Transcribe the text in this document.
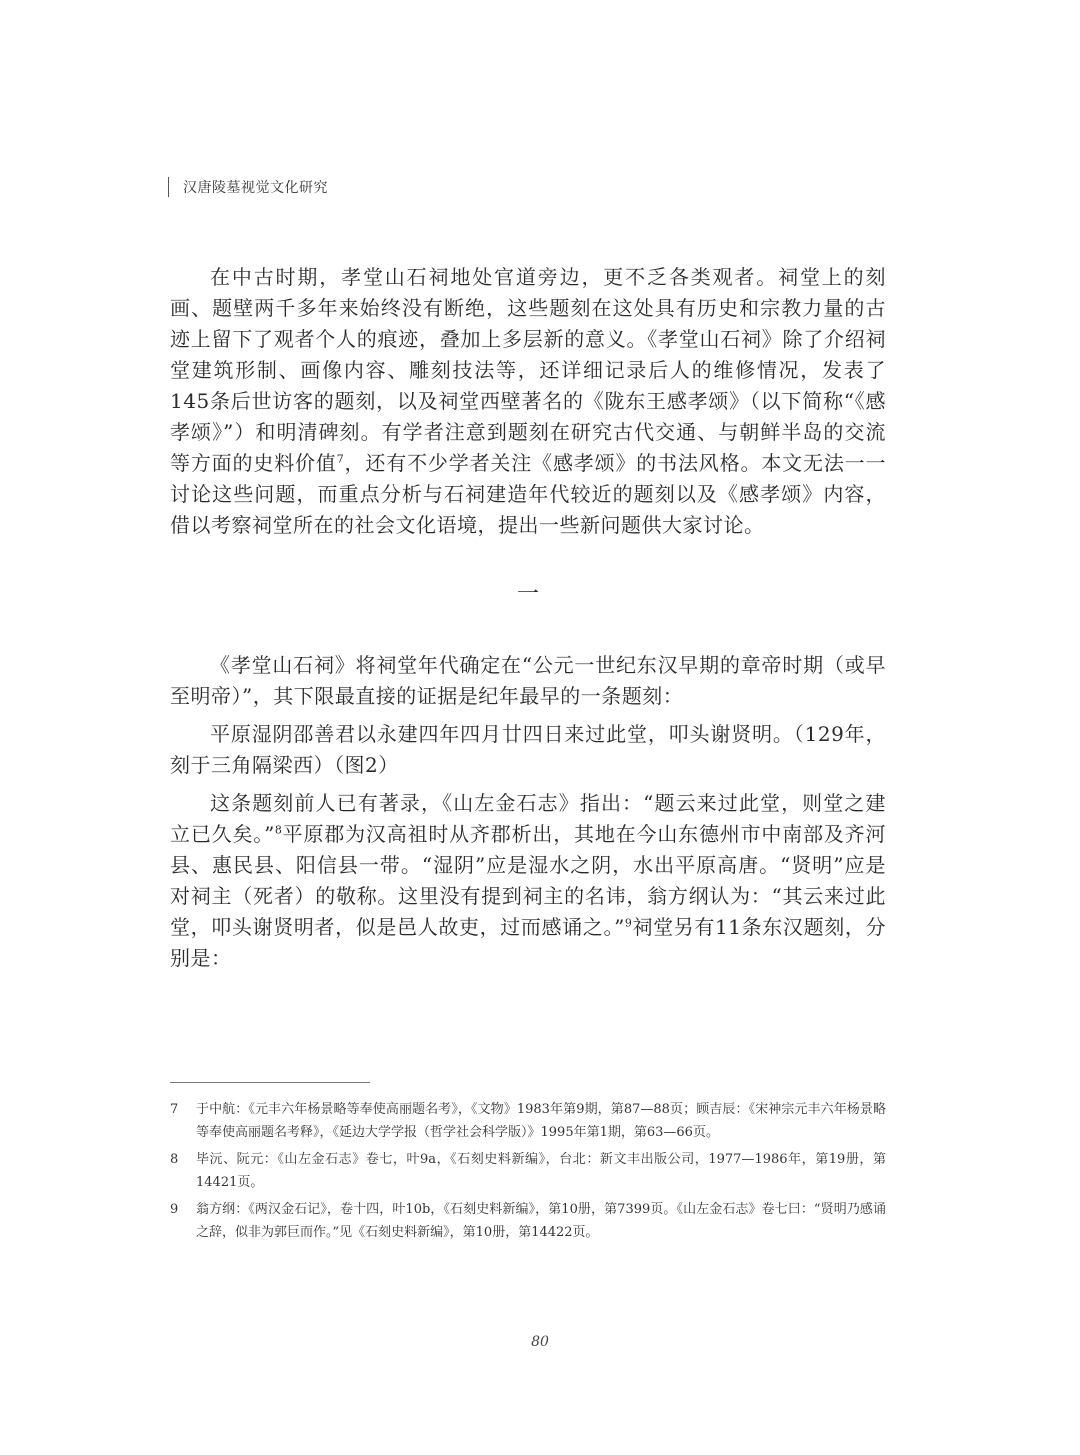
汉唐陵墓视觉文化研究

在中古时期，孝堂山石祠地处官道旁边，更不乏各类观者。祠堂上的刻画、题壁两千多年来始终没有断绝，这些题刻在这处具有历史和宗教力量的古迹上留下了观者个人的痕迹，叠加上多层新的意义。《孝堂山石祠》除了介绍祠堂建筑形制、画像内容、雕刻技法等，还详细记录后人的维修情况，发表了145条后世访客的题刻，以及祠堂西壁著名的《陇东王感孝颂》（以下简称“《感孝颂》”）和明清碑刻。有学者注意到题刻在研究古代交通、与朝鲜半岛的交流等方面的史料价值$^7$，还有不少学者关注《感孝颂》的书法风格。本文无法一一讨论这些问题，而重点分析与石祠建造年代较近的题刻以及《感孝颂》内容，借以考察祠堂所在的社会文化语境，提出一些新问题供大家讨论。

一

《孝堂山石祠》将祠堂年代确定在“公元一世纪东汉早期的章帝时期（或早至明帝）”，其下限最直接的证据是纪年最早的一条题刻：

平原湿阴邵善君以永建四年四月廿四日来过此堂，叩头谢贤明。（129年，刻于三角隔梁西）（图2）

这条题刻前人已有著录，《山左金石志》指出：“题云来过此堂，则堂之建立已久矣。”$^8$平原郡为汉高祖时从齐郡析出，其地在今山东德州市中南部及齐河县、惠民县、阳信县一带。“湿阴”应是湿水之阴，水出平原高唐。“贤明”应是对祠主（死者）的敬称。这里没有提到祠主的名讳，翁方纲认为：“其云来过此堂，叩头谢贤明者，似是邑人故吏，过而感诵之。”$^9$祠堂另有11条东汉题刻，分别是：

7	于中航：《元丰六年杨景略等奉使高丽题名考》，《文物》1983年第9期，第87—88页；顾吉辰：《宋神宗元丰六年杨景略等奉使高丽题名考释》，《延边大学学报（哲学社会科学版）》1995年第1期，第63—66页。
8	毕沅、阮元：《山左金石志》卷七，叶9a，《石刻史料新编》，台北：新文丰出版公司，1977—1986年，第19册，第14421页。
9	翁方纲：《两汉金石记》，卷十四，叶10b，《石刻史料新编》，第10册，第7399页。《山左金石志》卷七曰：“贤明乃感诵之辞，似非为郭巨而作。”见《石刻史料新编》，第10册，第14422页。
80
